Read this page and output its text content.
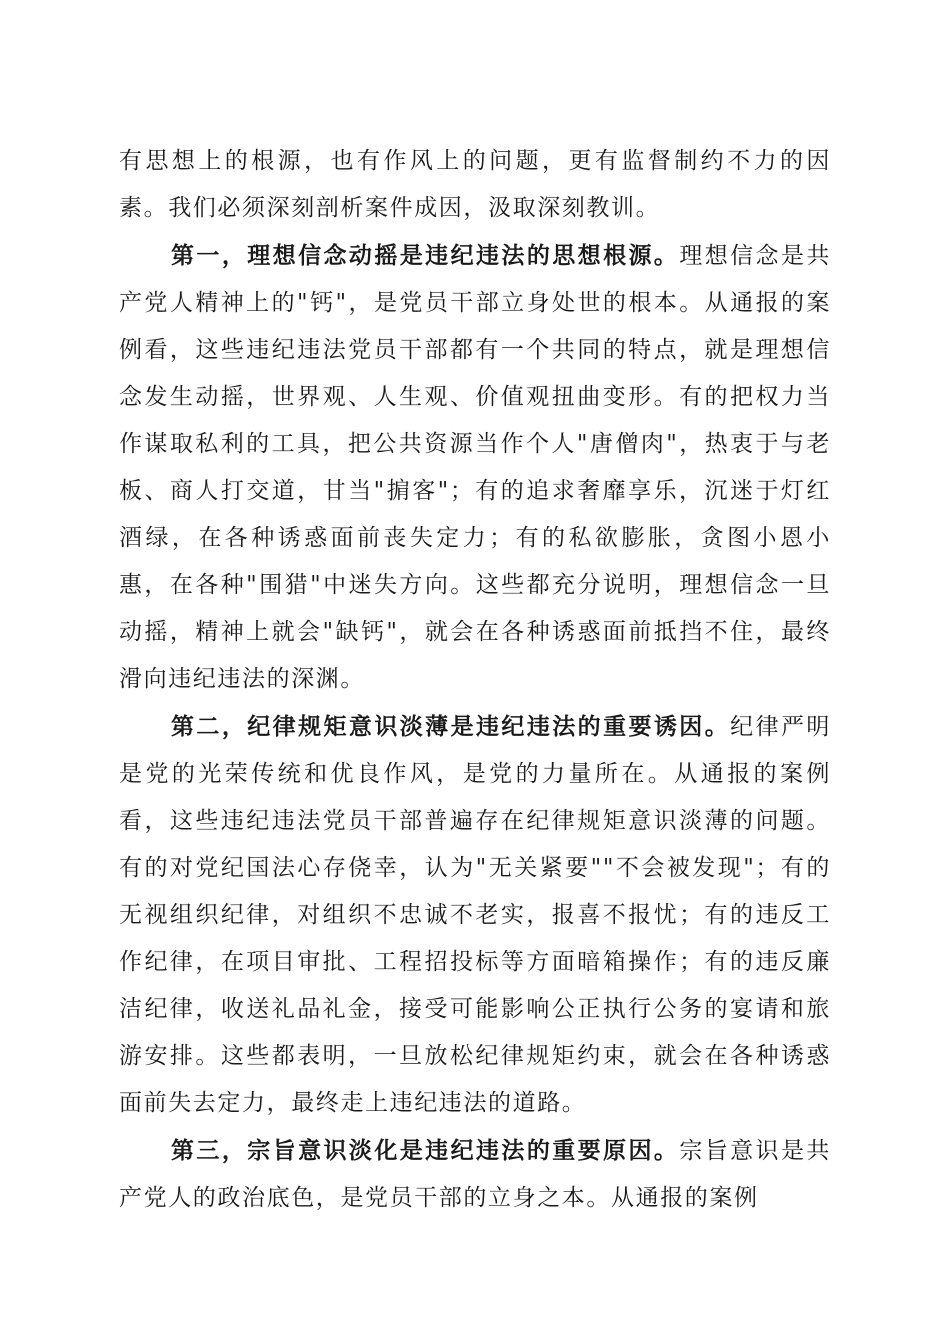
有思想上的根源，也有作风上的问题，更有监督制约不力的因素。我们必须深刻剖析案件成因，汲取深刻教训。

第一，理想信念动摇是违纪违法的思想根源。理想信念是共产党人精神上的"钙"，是党员干部立身处世的根本。从通报的案例看，这些违纪违法党员干部都有一个共同的特点，就是理想信念发生动摇，世界观、人生观、价值观扭曲变形。有的把权力当作谋取私利的工具，把公共资源当作个人"唐僧肉"，热衷于与老板、商人打交道，甘当"掮客"；有的追求奢靡享乐，沉迷于灯红酒绿，在各种诱惑面前丧失定力；有的私欲膨胀，贪图小恩小惠，在各种"围猎"中迷失方向。这些都充分说明，理想信念一旦动摇，精神上就会"缺钙"，就会在各种诱惑面前抵挡不住，最终滑向违纪违法的深渊。

第二，纪律规矩意识淡薄是违纪违法的重要诱因。纪律严明是党的光荣传统和优良作风，是党的力量所在。从通报的案例看，这些违纪违法党员干部普遍存在纪律规矩意识淡薄的问题。有的对党纪国法心存侥幸，认为"无关紧要""不会被发现"；有的无视组织纪律，对组织不忠诚不老实，报喜不报忧；有的违反工作纪律，在项目审批、工程招投标等方面暗箱操作；有的违反廉洁纪律，收送礼品礼金，接受可能影响公正执行公务的宴请和旅游安排。这些都表明，一旦放松纪律规矩约束，就会在各种诱惑面前失去定力，最终走上违纪违法的道路。

第三，宗旨意识淡化是违纪违法的重要原因。宗旨意识是共产党人的政治底色，是党员干部的立身之本。从通报的案例
